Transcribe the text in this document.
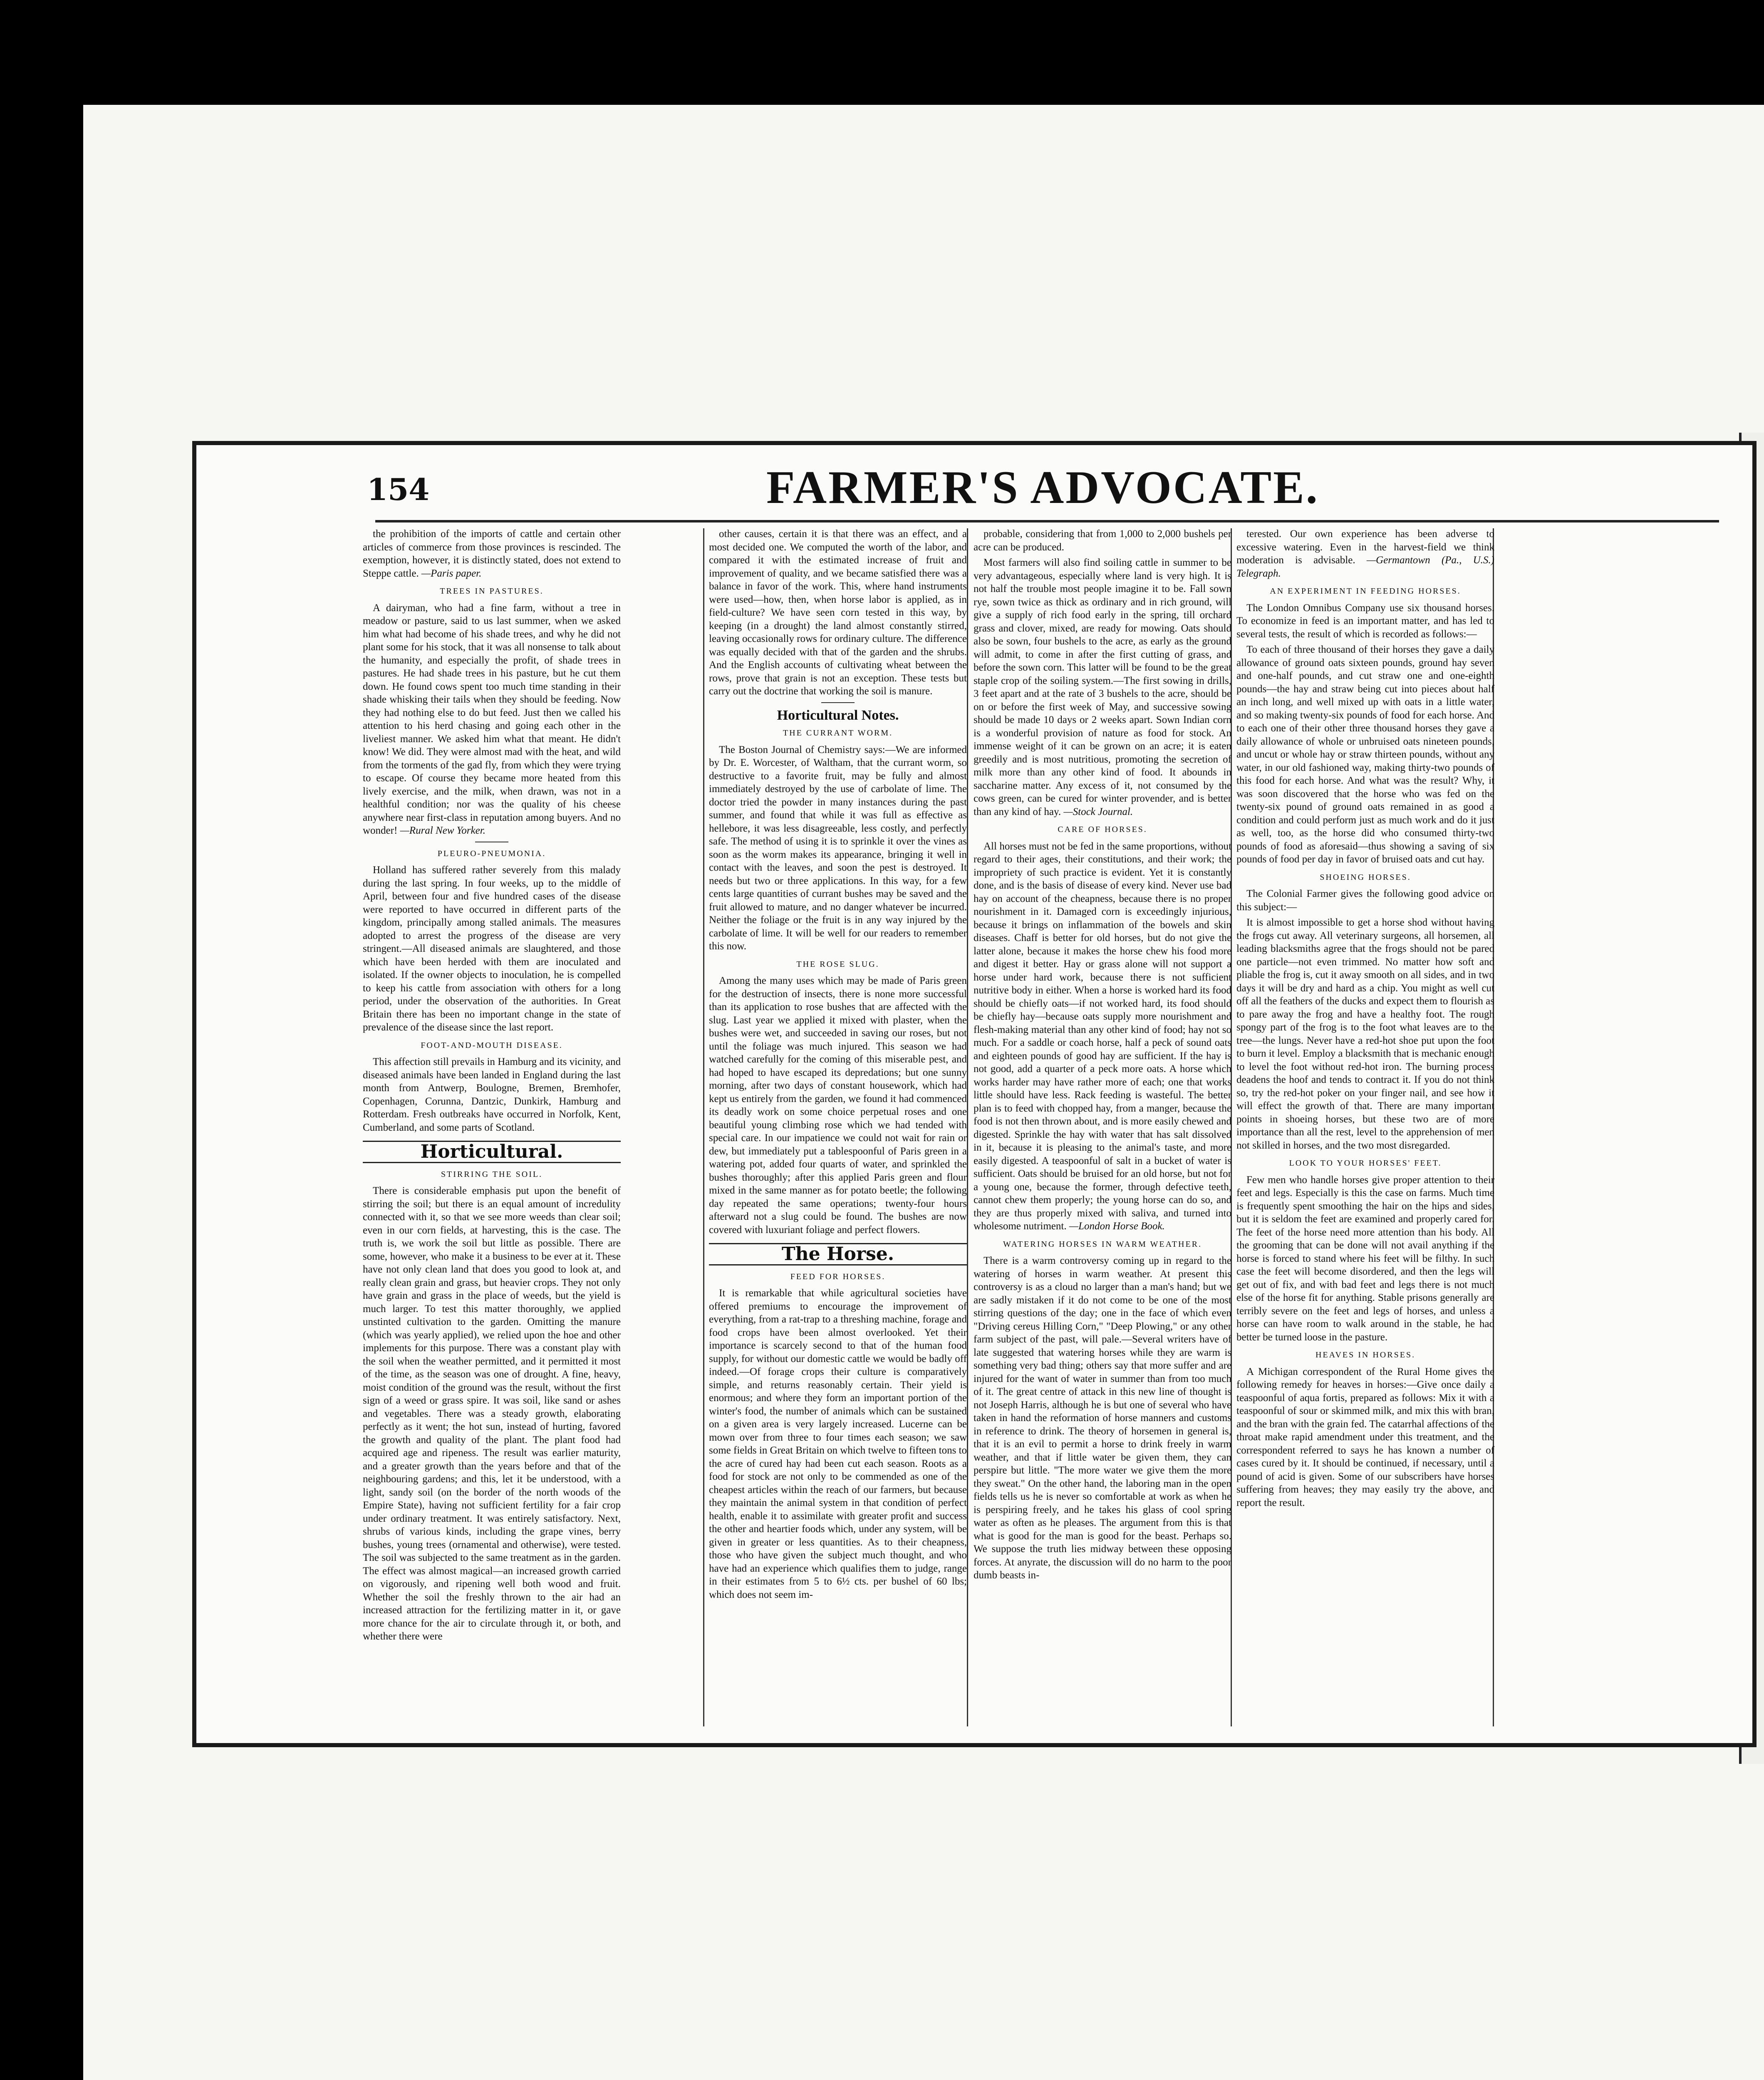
154	FARMER'S ADVOCATE.

the prohibition of the imports of cattle and certain other articles of commerce from those provinces is rescinded. The exemption, however, it is distinctly stated, does not extend to Steppe cattle. —Paris paper.

TREES IN PASTURES.

A dairyman, who had a fine farm, without a tree in meadow or pasture, said to us last summer, when we asked him what had become of his shade trees, and why he did not plant some for his stock, that it was all nonsense to talk about the humanity, and especially the profit, of shade trees in pastures. He had shade trees in his pasture, but he cut them down. He found cows spent too much time standing in their shade whisking their tails when they should be feeding. Now they had nothing else to do but feed. Just then we called his attention to his herd chasing and going each other in the liveliest manner. We asked him what that meant. He didn't know! We did. They were almost mad with the heat, and wild from the torments of the gad fly, from which they were trying to escape. Of course they became more heated from this lively exercise, and the milk, when drawn, was not in a healthful condition; nor was the quality of his cheese anywhere near first-class in reputation among buyers. And no wonder! —Rural New Yorker.

PLEURO-PNEUMONIA.

Holland has suffered rather severely from this malady during the last spring. In four weeks, up to the middle of April, between four and five hundred cases of the disease were reported to have occurred in different parts of the kingdom, principally among stalled animals. The measures adopted to arrest the progress of the disease are very stringent.—All diseased animals are slaughtered, and those which have been herded with them are inoculated and isolated. If the owner objects to inoculation, he is compelled to keep his cattle from association with others for a long period, under the observation of the authorities. In Great Britain there has been no important change in the state of prevalence of the disease since the last report.

FOOT-AND-MOUTH DISEASE.

This affection still prevails in Hamburg and its vicinity, and diseased animals have been landed in England during the last month from Antwerp, Boulogne, Bremen, Bremhofer, Copenhagen, Corunna, Dantzic, Dunkirk, Hamburg and Rotterdam. Fresh outbreaks have occurred in Norfolk, Kent, Cumberland, and some parts of Scotland.

Horticultural.
STIRRING THE SOIL.

There is considerable emphasis put upon the benefit of stirring the soil; but there is an equal amount of incredulity connected with it, so that we see more weeds than clear soil; even in our corn fields, at harvesting, this is the case. The truth is, we work the soil but little as possible. There are some, however, who make it a business to be ever at it. These have not only clean land that does you good to look at, and really clean grain and grass, but heavier crops. They not only have grain and grass in the place of weeds, but the yield is much larger. To test this matter thoroughly, we applied unstinted cultivation to the garden. Omitting the manure (which was yearly applied), we relied upon the hoe and other implements for this purpose. There was a constant play with the soil when the weather permitted, and it permitted it most of the time, as the season was one of drought. A fine, heavy, moist condition of the ground was the result, without the first sign of a weed or grass spire. It was soil, like sand or ashes and vegetables. There was a steady growth, elaborating perfectly as it went; the hot sun, instead of hurting, favored the growth and quality of the plant. The plant food had acquired age and ripeness. The result was earlier maturity, and a greater growth than the years before and that of the neighbouring gardens; and this, let it be understood, with a light, sandy soil (on the border of the north woods of the Empire State), having not sufficient fertility for a fair crop under ordinary treatment. It was entirely satisfactory. Next, shrubs of various kinds, including the grape vines, berry bushes, young trees (ornamental and otherwise), were tested. The soil was subjected to the same treatment as in the garden. The effect was almost magical—an increased growth carried on vigorously, and ripening well both wood and fruit. Whether the soil the freshly thrown to the air had an increased attraction for the fertilizing matter in it, or gave more chance for the air to circulate through it, or both, and whether there were

other causes, certain it is that there was an effect, and a most decided one. We computed the worth of the labor, and compared it with the estimated increase of fruit and improvement of quality, and we became satisfied there was a balance in favor of the work. This, where hand instruments were used—how, then, when horse labor is applied, as in field-culture? We have seen corn tested in this way, by keeping (in a drought) the land almost constantly stirred, leaving occasionally rows for ordinary culture. The difference was equally decided with that of the garden and the shrubs. And the English accounts of cultivating wheat between the rows, prove that grain is not an exception. These tests but carry out the doctrine that working the soil is manure.

Horticultural Notes.
THE CURRANT WORM.

The Boston Journal of Chemistry says:—We are informed by Dr. E. Worcester, of Waltham, that the currant worm, so destructive to a favorite fruit, may be fully and almost immediately destroyed by the use of carbolate of lime. The doctor tried the powder in many instances during the past summer, and found that while it was full as effective as hellebore, it was less disagreeable, less costly, and perfectly safe. The method of using it is to sprinkle it over the vines as soon as the worm makes its appearance, bringing it well in contact with the leaves, and soon the pest is destroyed. It needs but two or three applications. In this way, for a few cents large quantities of currant bushes may be saved and the fruit allowed to mature, and no danger whatever be incurred. Neither the foliage or the fruit is in any way injured by the carbolate of lime. It will be well for our readers to remember this now.

THE ROSE SLUG.

Among the many uses which may be made of Paris green for the destruction of insects, there is none more successful than its application to rose bushes that are affected with the slug. Last year we applied it mixed with plaster, when the bushes were wet, and succeeded in saving our roses, but not until the foliage was much injured. This season we had watched carefully for the coming of this miserable pest, and had hoped to have escaped its depredations; but one sunny morning, after two days of constant housework, which had kept us entirely from the garden, we found it had commenced its deadly work on some choice perpetual roses and one beautiful young climbing rose which we had tended with special care. In our impatience we could not wait for rain or dew, but immediately put a tablespoonful of Paris green in a watering pot, added four quarts of water, and sprinkled the bushes thoroughly; after this applied Paris green and flour mixed in the same manner as for potato beetle; the following day repeated the same operations; twenty-four hours afterward not a slug could be found. The bushes are now covered with luxuriant foliage and perfect flowers.

The Horse.
FEED FOR HORSES.

It is remarkable that while agricultural societies have offered premiums to encourage the improvement of everything, from a rat-trap to a threshing machine, forage and food crops have been almost overlooked. Yet their importance is scarcely second to that of the human food supply, for without our domestic cattle we would be badly off indeed.—Of forage crops their culture is comparatively simple, and returns reasonably certain. Their yield is enormous; and where they form an important portion of the winter's food, the number of animals which can be sustained on a given area is very largely increased. Lucerne can be mown over from three to four times each season; we saw some fields in Great Britain on which twelve to fifteen tons to the acre of cured hay had been cut each season. Roots as a food for stock are not only to be commended as one of the cheapest articles within the reach of our farmers, but because they maintain the animal system in that condition of perfect health, enable it to assimilate with greater profit and success the other and heartier foods which, under any system, will be given in greater or less quantities. As to their cheapness, those who have given the subject much thought, and who have had an experience which qualifies them to judge, range in their estimates from 5 to 6½ cts. per bushel of 60 lbs; which does not seem im-

probable, considering that from 1,000 to 2,000 bushels per acre can be produced.

Most farmers will also find soiling cattle in summer to be very advantageous, especially where land is very high. It is not half the trouble most people imagine it to be. Fall sown rye, sown twice as thick as ordinary and in rich ground, will give a supply of rich food early in the spring, till orchard grass and clover, mixed, are ready for mowing. Oats should also be sown, four bushels to the acre, as early as the ground will admit, to come in after the first cutting of grass, and before the sown corn. This latter will be found to be the great staple crop of the soiling system.—The first sowing in drills, 3 feet apart and at the rate of 3 bushels to the acre, should be on or before the first week of May, and successive sowing should be made 10 days or 2 weeks apart. Sown Indian corn is a wonderful provision of nature as food for stock. An immense weight of it can be grown on an acre; it is eaten greedily and is most nutritious, promoting the secretion of milk more than any other kind of food. It abounds in saccharine matter. Any excess of it, not consumed by the cows green, can be cured for winter provender, and is better than any kind of hay. —Stock Journal.

CARE OF HORSES.

All horses must not be fed in the same proportions, without regard to their ages, their constitutions, and their work; the impropriety of such practice is evident. Yet it is constantly done, and is the basis of disease of every kind. Never use bad hay on account of the cheapness, because there is no proper nourishment in it. Damaged corn is exceedingly injurious, because it brings on inflammation of the bowels and skin diseases. Chaff is better for old horses, but do not give the latter alone, because it makes the horse chew his food more and digest it better. Hay or grass alone will not support a horse under hard work, because there is not sufficient nutritive body in either. When a horse is worked hard its food should be chiefly oats—if not worked hard, its food should be chiefly hay—because oats supply more nourishment and flesh-making material than any other kind of food; hay not so much. For a saddle or coach horse, half a peck of sound oats and eighteen pounds of good hay are sufficient. If the hay is not good, add a quarter of a peck more oats. A horse which works harder may have rather more of each; one that works little should have less. Rack feeding is wasteful. The better plan is to feed with chopped hay, from a manger, because the food is not then thrown about, and is more easily chewed and digested. Sprinkle the hay with water that has salt dissolved in it, because it is pleasing to the animal's taste, and more easily digested. A teaspoonful of salt in a bucket of water is sufficient. Oats should be bruised for an old horse, but not for a young one, because the former, through defective teeth, cannot chew them properly; the young horse can do so, and they are thus properly mixed with saliva, and turned into wholesome nutriment. —London Horse Book.

WATERING HORSES IN WARM WEATHER.

There is a warm controversy coming up in regard to the watering of horses in warm weather. At present this controversy is as a cloud no larger than a man's hand; but we are sadly mistaken if it do not come to be one of the most stirring questions of the day; one in the face of which even "Driving cereus Hilling Corn," "Deep Plowing," or any other farm subject of the past, will pale.—Several writers have of late suggested that watering horses while they are warm is something very bad thing; others say that more suffer and are injured for the want of water in summer than from too much of it. The great centre of attack in this new line of thought is not Joseph Harris, although he is but one of several who have taken in hand the reformation of horse manners and customs in reference to drink. The theory of horsemen in general is, that it is an evil to permit a horse to drink freely in warm weather, and that if little water be given them, they can perspire but little. "The more water we give them the more they sweat." On the other hand, the laboring man in the open fields tells us he is never so comfortable at work as when he is perspiring freely, and he takes his glass of cool spring water as often as he pleases. The argument from this is that what is good for the man is good for the beast. Perhaps so. We suppose the truth lies midway between these opposing forces. At anyrate, the discussion will do no harm to the poor dumb beasts in-

terested. Our own experience has been adverse to excessive watering. Even in the harvest-field we think moderation is advisable. —Germantown (Pa., U.S.) Telegraph.

AN EXPERIMENT IN FEEDING HORSES.

The London Omnibus Company use six thousand horses. To economize in feed is an important matter, and has led to several tests, the result of which is recorded as follows:—

To each of three thousand of their horses they gave a daily allowance of ground oats sixteen pounds, ground hay seven and one-half pounds, and cut straw one and one-eighth pounds—the hay and straw being cut into pieces about half an inch long, and well mixed up with oats in a little water, and so making twenty-six pounds of food for each horse. And to each one of their other three thousand horses they gave a daily allowance of whole or unbruised oats nineteen pounds, and uncut or whole hay or straw thirteen pounds, without any water, in our old fashioned way, making thirty-two pounds of this food for each horse. And what was the result? Why, it was soon discovered that the horse who was fed on the twenty-six pound of ground oats remained in as good a condition and could perform just as much work and do it just as well, too, as the horse did who consumed thirty-two pounds of food as aforesaid—thus showing a saving of six pounds of food per day in favor of bruised oats and cut hay.

SHOEING HORSES.

The Colonial Farmer gives the following good advice on this subject:—

It is almost impossible to get a horse shod without having the frogs cut away. All veterinary surgeons, all horsemen, all leading blacksmiths agree that the frogs should not be pared one particle—not even trimmed. No matter how soft and pliable the frog is, cut it away smooth on all sides, and in two days it will be dry and hard as a chip. You might as well cut off all the feathers of the ducks and expect them to flourish as to pare away the frog and have a healthy foot. The rough spongy part of the frog is to the foot what leaves are to the tree—the lungs. Never have a red-hot shoe put upon the foot to burn it level. Employ a blacksmith that is mechanic enough to level the foot without red-hot iron. The burning process deadens the hoof and tends to contract it. If you do not think so, try the red-hot poker on your finger nail, and see how it will effect the growth of that. There are many important points in shoeing horses, but these two are of more importance than all the rest, level to the apprehension of men not skilled in horses, and the two most disregarded.

LOOK TO YOUR HORSES' FEET.

Few men who handle horses give proper attention to their feet and legs. Especially is this the case on farms. Much time is frequently spent smoothing the hair on the hips and sides, but it is seldom the feet are examined and properly cared for. The feet of the horse need more attention than his body. All the grooming that can be done will not avail anything if the horse is forced to stand where his feet will be filthy. In such case the feet will become disordered, and then the legs will get out of fix, and with bad feet and legs there is not much else of the horse fit for anything. Stable prisons generally are terribly severe on the feet and legs of horses, and unless a horse can have room to walk around in the stable, he had better be turned loose in the pasture.

HEAVES IN HORSES.

A Michigan correspondent of the Rural Home gives the following remedy for heaves in horses:—Give once daily a teaspoonful of aqua fortis, prepared as follows: Mix it with a teaspoonful of sour or skimmed milk, and mix this with bran, and the bran with the grain fed. The catarrhal affections of the throat make rapid amendment under this treatment, and the correspondent referred to says he has known a number of cases cured by it. It should be continued, if necessary, until a pound of acid is given. Some of our subscribers have horses suffering from heaves; they may easily try the above, and report the result.
